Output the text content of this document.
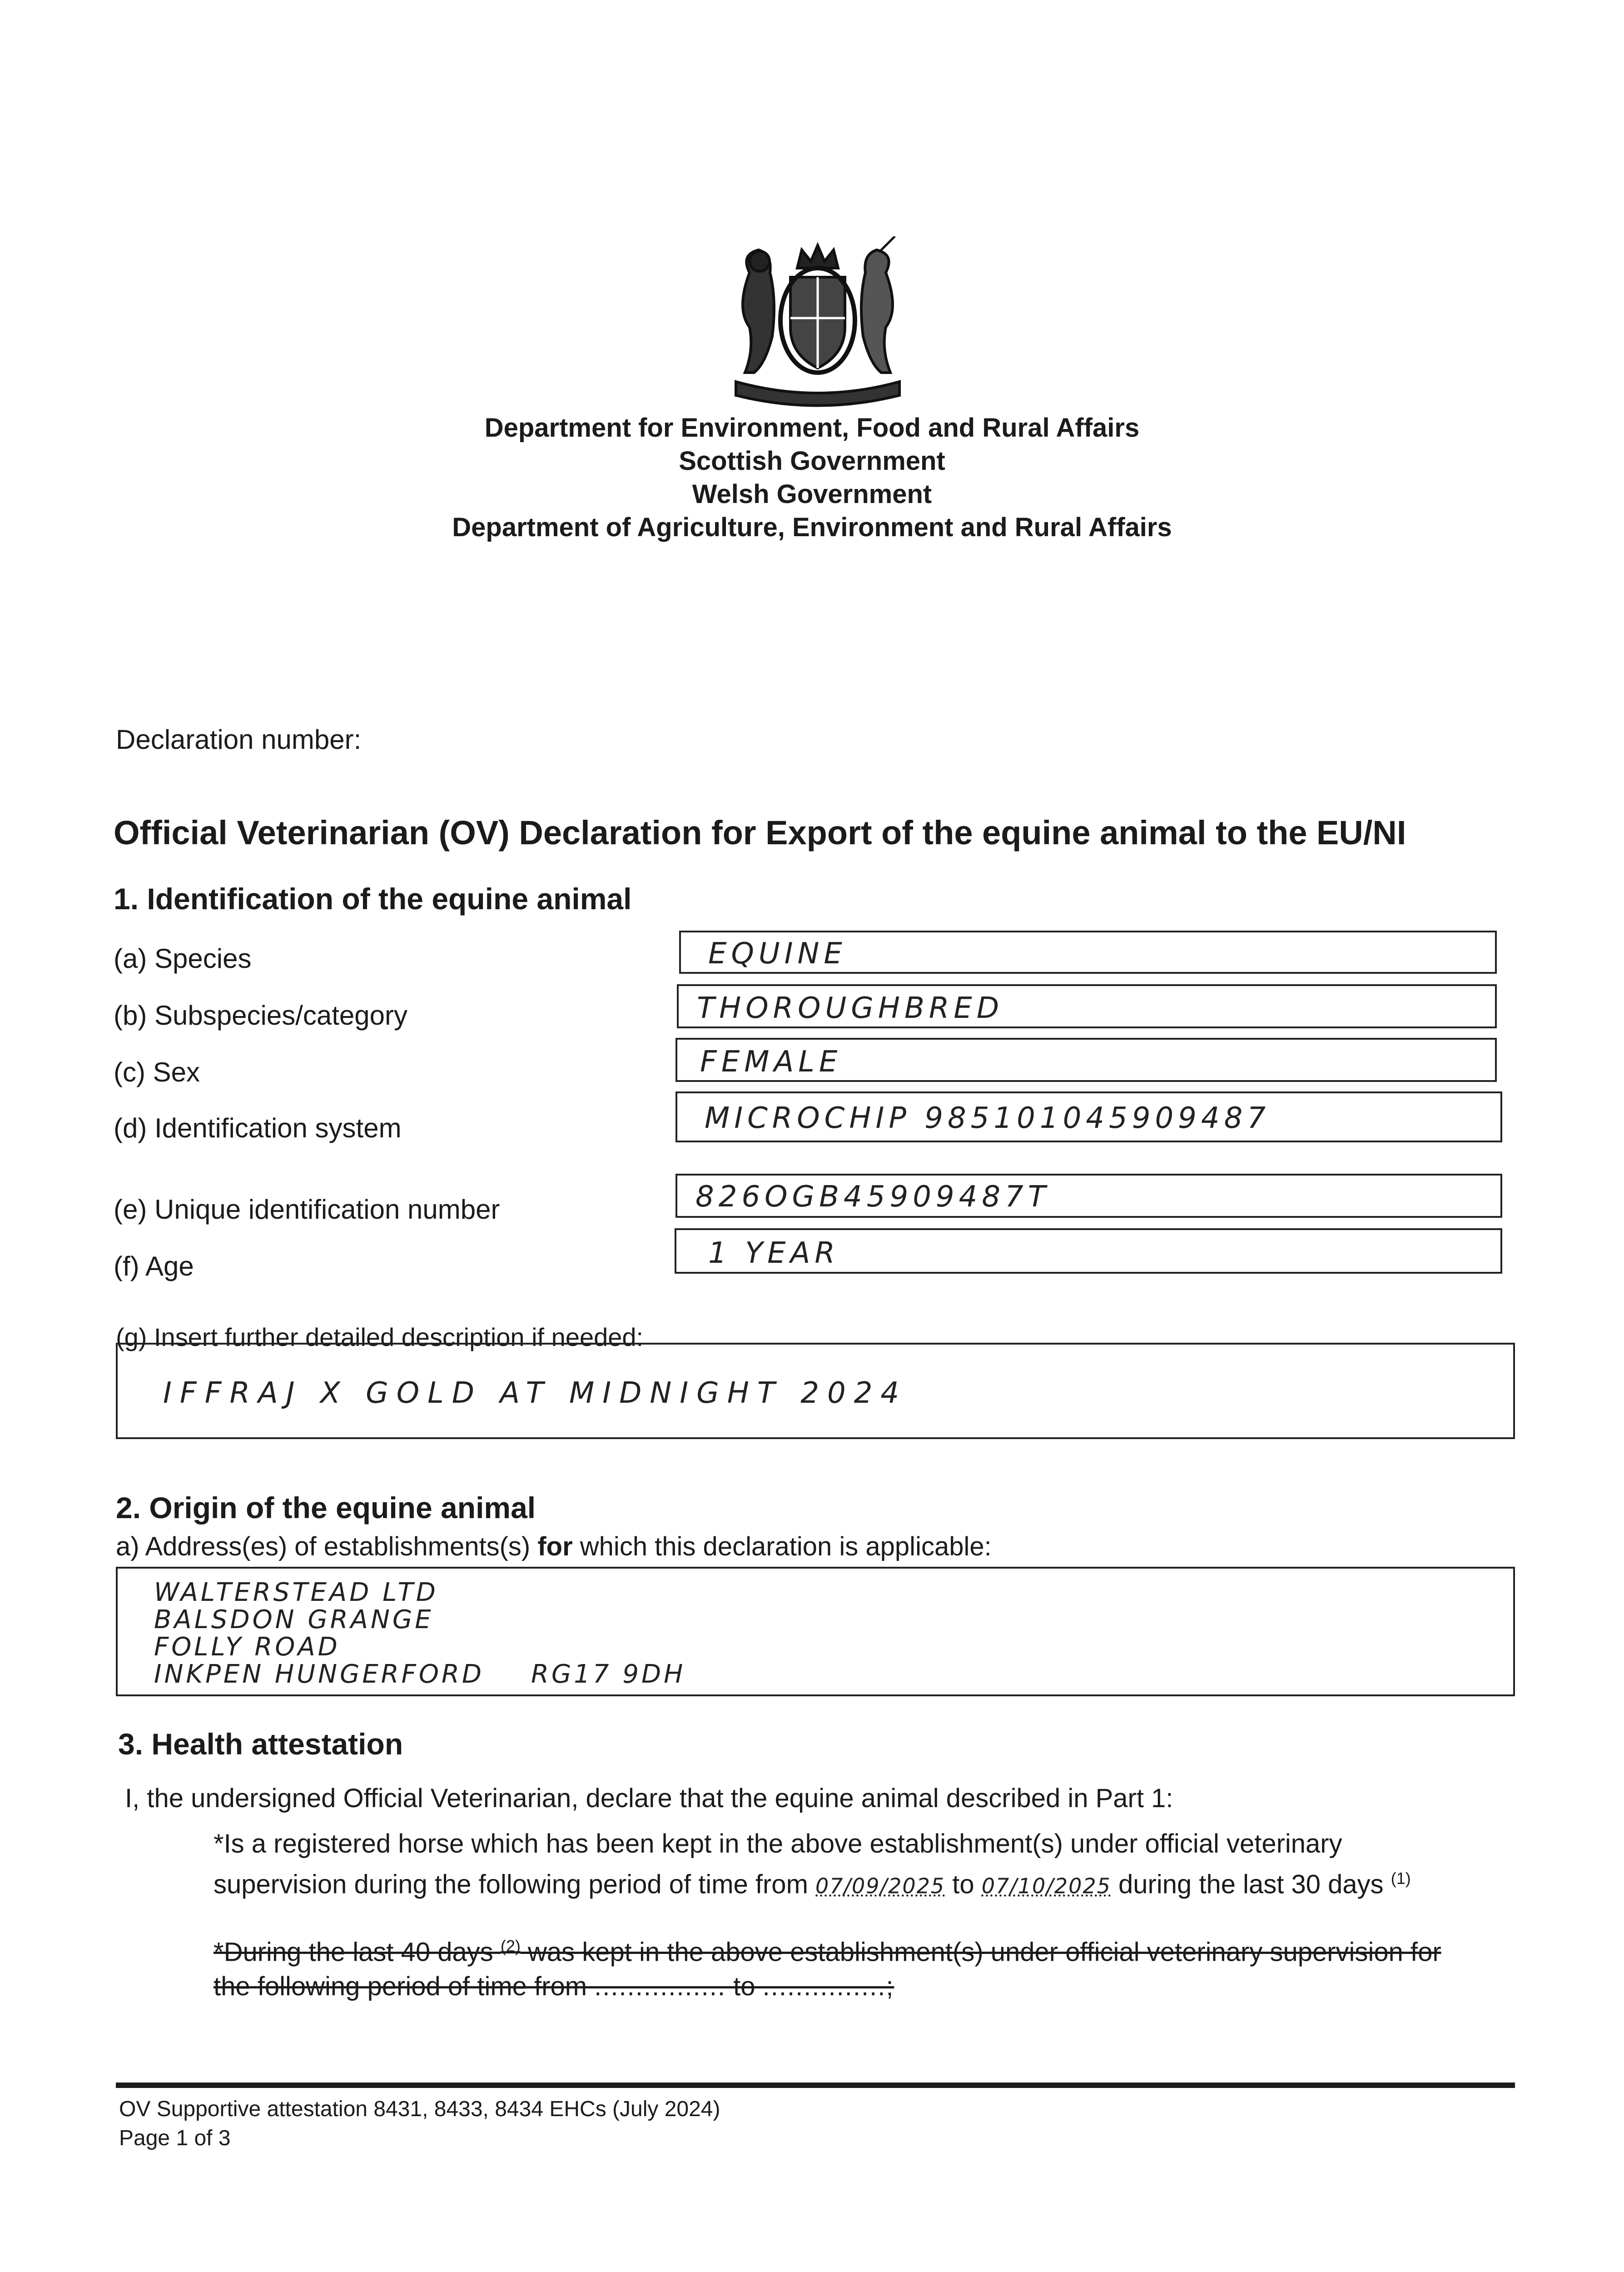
Department for Environment, Food and Rural Affairs
Scottish Government
Welsh Government
Department of Agriculture, Environment and Rural Affairs
Declaration number:
Official Veterinarian (OV) Declaration for Export of the equine animal to the EU/NI
1. Identification of the equine animal
(a) Species	EQUINE
(b) Subspecies/category	THOROUGHBRED
(c) Sex	FEMALE
(d) Identification system	MICROCHIP 985101045909487
(e) Unique identification number	826OGB45909487T
(f) Age	1 YEAR
(g) Insert further detailed description if needed:
IFFRAJ X GOLD AT MIDNIGHT 2024
2. Origin of the equine animal
a) Address(es) of establishments(s) for which this declaration is applicable:
WALTERSTEAD LTD
BALSDON GRANGE
FOLLY ROAD
INKPEN HUNGERFORD RG17 9DH
3. Health attestation
I, the undersigned Official Veterinarian, declare that the equine animal described in Part 1:
*Is a registered horse which has been kept in the above establishment(s) under official veterinary
supervision during the following period of time from 07/09/2025 to 07/10/2025 during the last 30 days $^{(1)}$
*During the last 40 days $^{(2)}$ was kept in the above establishment(s) under official veterinary supervision for
the following period of time from ................ to ...............;
OV Supportive attestation 8431, 8433, 8434 EHCs (July 2024)
Page 1 of 3
